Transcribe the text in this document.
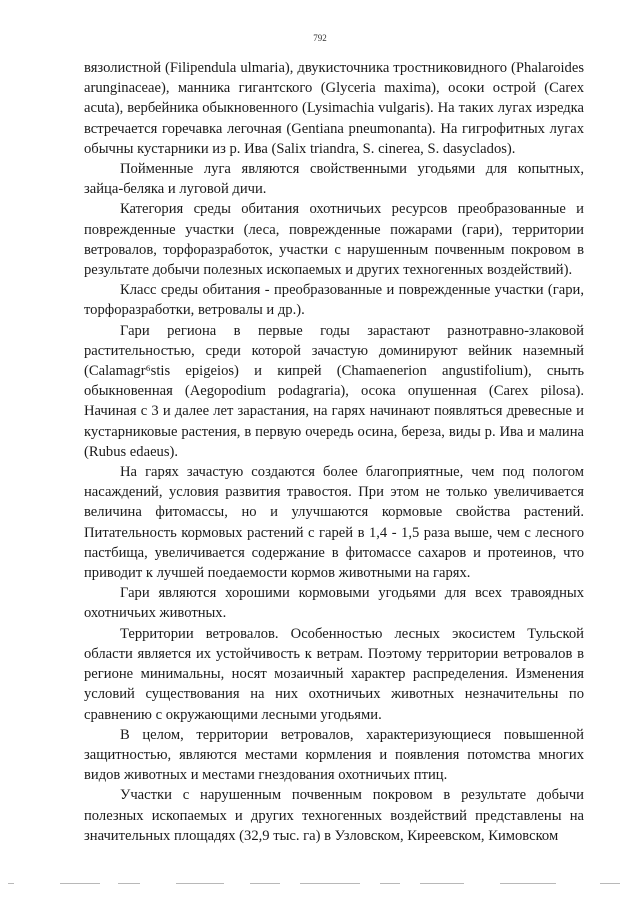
792

вязолистной (Filipendula ulmaria), двукисточника тростниковидного (Phalaroides arunginaceae), манника гигантского (Glyceria maxima), осоки острой (Carex acuta), вербейника обыкновенного (Lysimachia vulgaris). На таких лугах изредка встречается горечавка легочная (Gentiana pneumonanta). На гигрофитных лугах обычны кустарники из р. Ива (Salix triandra, S. cinerea, S. dasyclados).

Пойменные луга являются свойственными угодьями для копытных, зайца-беляка и луговой дичи.

Категория среды обитания охотничьих ресурсов преобразованные и поврежденные участки (леса, поврежденные пожарами (гари), территории ветровалов, торфоразработок, участки с нарушенным почвенным покровом в результате добычи полезных ископаемых и других техногенных воздействий).

Класс среды обитания - преобразованные и поврежденные участки (гари, торфоразработки, ветровалы и др.).

Гари региона в первые годы зарастают разнотравно-злаковой растительностью, среди которой зачастую доминируют вейник наземный (Calamagr⁶stis epigeios) и кипрей (Chamaenerion angustifolium), сныть обыкновенная (Aegopodium podagraria), осока опушенная (Carex pilosa). Начиная с 3 и далее лет зарастания, на гарях начинают появляться древесные и кустарниковые растения, в первую очередь осина, береза, виды р. Ива и малина (Rubus edaeus).

На гарях зачастую создаются более благоприятные, чем под пологом насаждений, условия развития травостоя. При этом не только увеличивается величина фитомассы, но и улучшаются кормовые свойства растений. Питательность кормовых растений с гарей в 1,4 - 1,5 раза выше, чем с лесного пастбища, увеличивается содержание в фитомассе сахаров и протеинов, что приводит к лучшей поедаемости кормов животными на гарях.

Гари являются хорошими кормовыми угодьями для всех травоядных охотничьих животных.

Территории ветровалов. Особенностью лесных экосистем Тульской области является их устойчивость к ветрам. Поэтому территории ветровалов в регионе минимальны, носят мозаичный характер распределения. Изменения условий существования на них охотничьих животных незначительны по сравнению с окружающими лесными угодьями.

В целом, территории ветровалов, характеризующиеся повышенной защитностью, являются местами кормления и появления потомства многих видов животных и местами гнездования охотничьих птиц.

Участки с нарушенным почвенным покровом в результате добычи полезных ископаемых и других техногенных воздействий представлены на значительных площадях (32,9 тыс. га) в Узловском, Киреевском, Кимовском
